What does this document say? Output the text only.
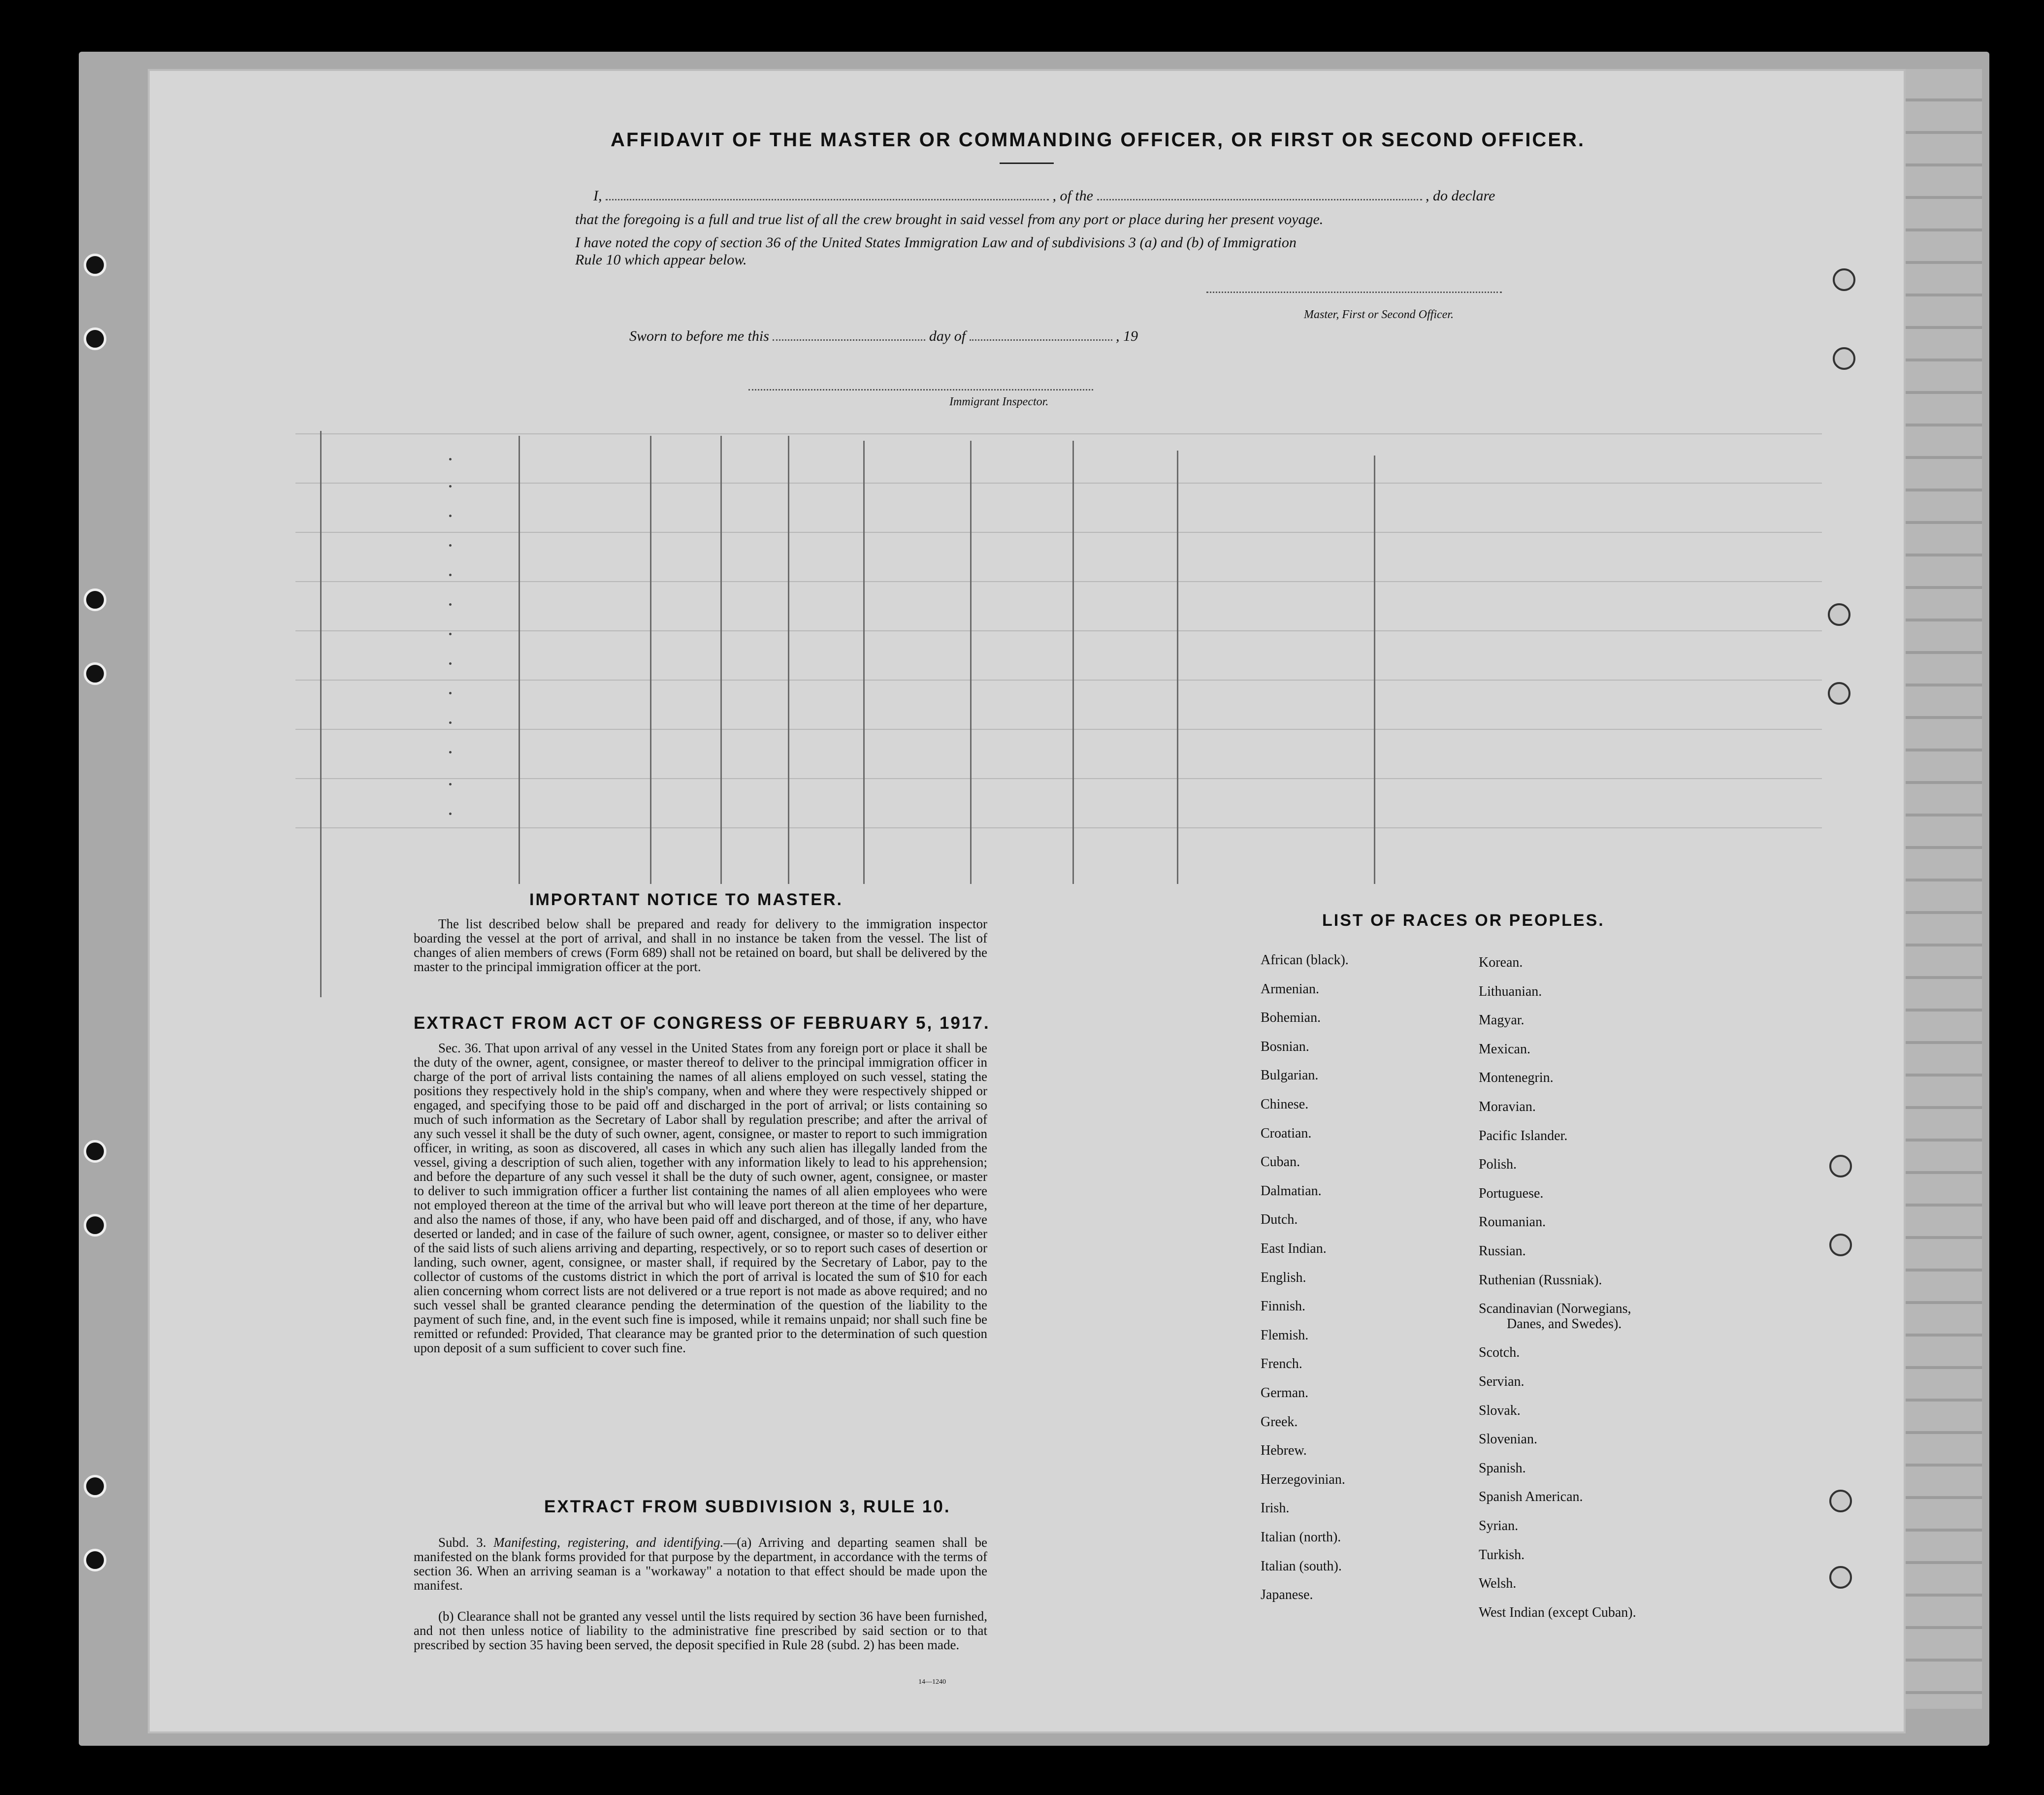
AFFIDAVIT OF THE MASTER OR COMMANDING OFFICER, OR FIRST OR SECOND OFFICER.
I,	, of the	, do declare
that the foregoing is a full and true list of all the crew brought in said vessel from any port or place during her present voyage.
I have noted the copy of section 36 of the United States Immigration Law and of subdivisions 3 (a) and (b) of Immigration
Rule 10 which appear below.
Master, First or Second Officer.
Sworn to before me this	day of	, 19
Immigrant Inspector.
IMPORTANT NOTICE TO MASTER.
The list described below shall be prepared and ready for delivery to the immigration inspector boarding the vessel at the port of arrival, and shall in no instance be taken from the vessel. The list of changes of alien members of crews (Form 689) shall not be retained on board, but shall be delivered by the master to the principal immigration officer at the port.
EXTRACT FROM ACT OF CONGRESS OF FEBRUARY 5, 1917.
Sec. 36. That upon arrival of any vessel in the United States from any foreign port or place it shall be the duty of the owner, agent, consignee, or master thereof to deliver to the principal immigration officer in charge of the port of arrival lists containing the names of all aliens employed on such vessel, stating the positions they respectively hold in the ship's company, when and where they were respectively shipped or engaged, and specifying those to be paid off and discharged in the port of arrival; or lists containing so much of such information as the Secretary of Labor shall by regulation prescribe; and after the arrival of any such vessel it shall be the duty of such owner, agent, consignee, or master to report to such immigration officer, in writing, as soon as discovered, all cases in which any such alien has illegally landed from the vessel, giving a description of such alien, together with any information likely to lead to his apprehension; and before the departure of any such vessel it shall be the duty of such owner, agent, consignee, or master to deliver to such immigration officer a further list containing the names of all alien employees who were not employed thereon at the time of the arrival but who will leave port thereon at the time of her departure, and also the names of those, if any, who have been paid off and discharged, and of those, if any, who have deserted or landed; and in case of the failure of such owner, agent, consignee, or master so to deliver either of the said lists of such aliens arriving and departing, respectively, or so to report such cases of desertion or landing, such owner, agent, consignee, or master shall, if required by the Secretary of Labor, pay to the collector of customs of the customs district in which the port of arrival is located the sum of $10 for each alien concerning whom correct lists are not delivered or a true report is not made as above required; and no such vessel shall be granted clearance pending the determination of the question of the liability to the payment of such fine, and, in the event such fine is imposed, while it remains unpaid; nor shall such fine be remitted or refunded: Provided, That clearance may be granted prior to the determination of such question upon deposit of a sum sufficient to cover such fine.
EXTRACT FROM SUBDIVISION 3, RULE 10.
Subd. 3. Manifesting, registering, and identifying.—(a) Arriving and departing seamen shall be manifested on the blank forms provided for that purpose by the department, in accordance with the terms of section 36. When an arriving seaman is a "workaway" a notation to that effect should be made upon the manifest.
(b) Clearance shall not be granted any vessel until the lists required by section 36 have been furnished, and not then unless notice of liability to the administrative fine prescribed by said section or to that prescribed by section 35 having been served, the deposit specified in Rule 28 (subd. 2) has been made.
14—1240
LIST OF RACES OR PEOPLES.
African (black).
Armenian.
Bohemian.
Bosnian.
Bulgarian.
Chinese.
Croatian.
Cuban.
Dalmatian.
Dutch.
East Indian.
English.
Finnish.
Flemish.
French.
German.
Greek.
Hebrew.
Herzegovinian.
Irish.
Italian (north).
Italian (south).
Japanese.
Korean.
Lithuanian.
Magyar.
Mexican.
Montenegrin.
Moravian.
Pacific Islander.
Polish.
Portuguese.
Roumanian.
Russian.
Ruthenian (Russniak).
Scandinavian (Norwegians,
Danes, and Swedes).
Scotch.
Servian.
Slovak.
Slovenian.
Spanish.
Spanish American.
Syrian.
Turkish.
Welsh.
West Indian (except Cuban).
